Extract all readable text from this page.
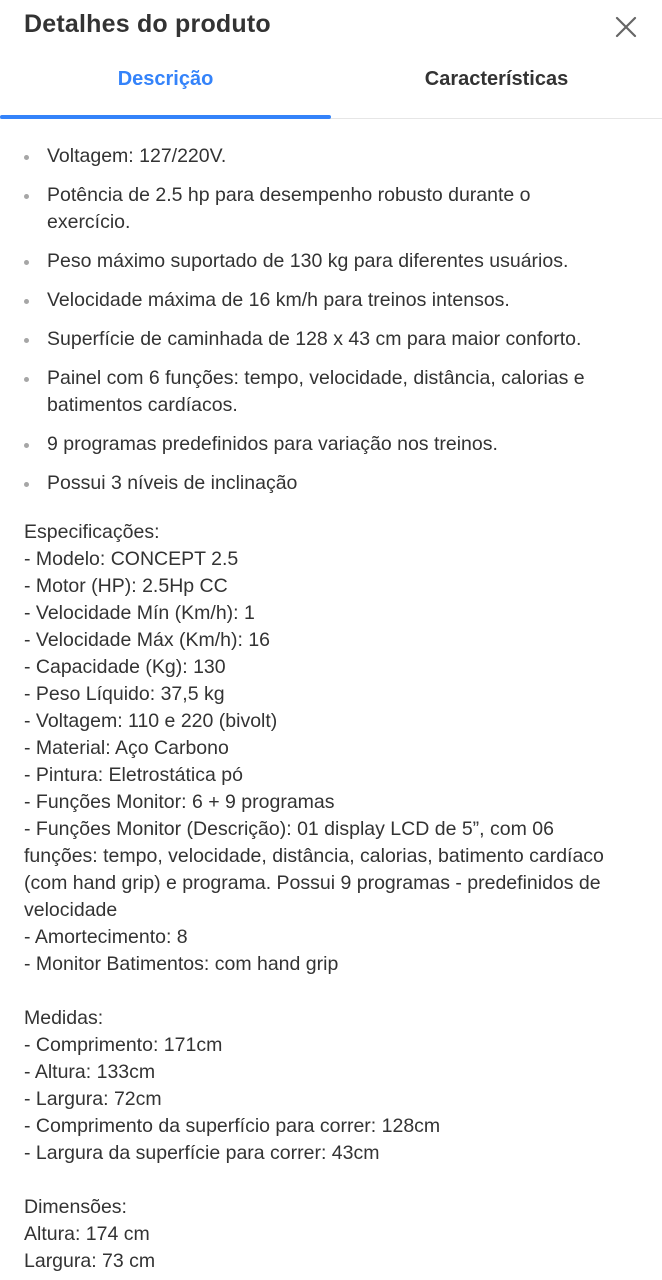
Detalhes do produto
Descrição	Características
Voltagem: 127/220V.
Potência de 2.5 hp para desempenho robusto durante o exercício.
Peso máximo suportado de 130 kg para diferentes usuários.
Velocidade máxima de 16 km/h para treinos intensos.
Superfície de caminhada de 128 x 43 cm para maior conforto.
Painel com 6 funções: tempo, velocidade, distância, calorias e batimentos cardíacos.
9 programas predefinidos para variação nos treinos.
Possui 3 níveis de inclinação
Especificações:
- Modelo: CONCEPT 2.5
- Motor (HP): 2.5Hp CC
- Velocidade Mín (Km/h): 1
- Velocidade Máx (Km/h): 16
- Capacidade (Kg): 130
- Peso Líquido: 37,5 kg
- Voltagem: 110 e 220 (bivolt)
- Material: Aço Carbono
- Pintura: Eletrostática pó
- Funções Monitor: 6 + 9 programas
- Funções Monitor (Descrição): 01 display LCD de 5”, com 06 funções: tempo, velocidade, distância, calorias, batimento cardíaco (com hand grip) e programa. Possui 9 programas - predefinidos de velocidade
- Amortecimento: 8
- Monitor Batimentos: com hand grip
Medidas:
- Comprimento: 171cm
- Altura: 133cm
- Largura: 72cm
- Comprimento da superfício para correr: 128cm
- Largura da superfície para correr: 43cm
Dimensões:
Altura: 174 cm
Largura: 73 cm
